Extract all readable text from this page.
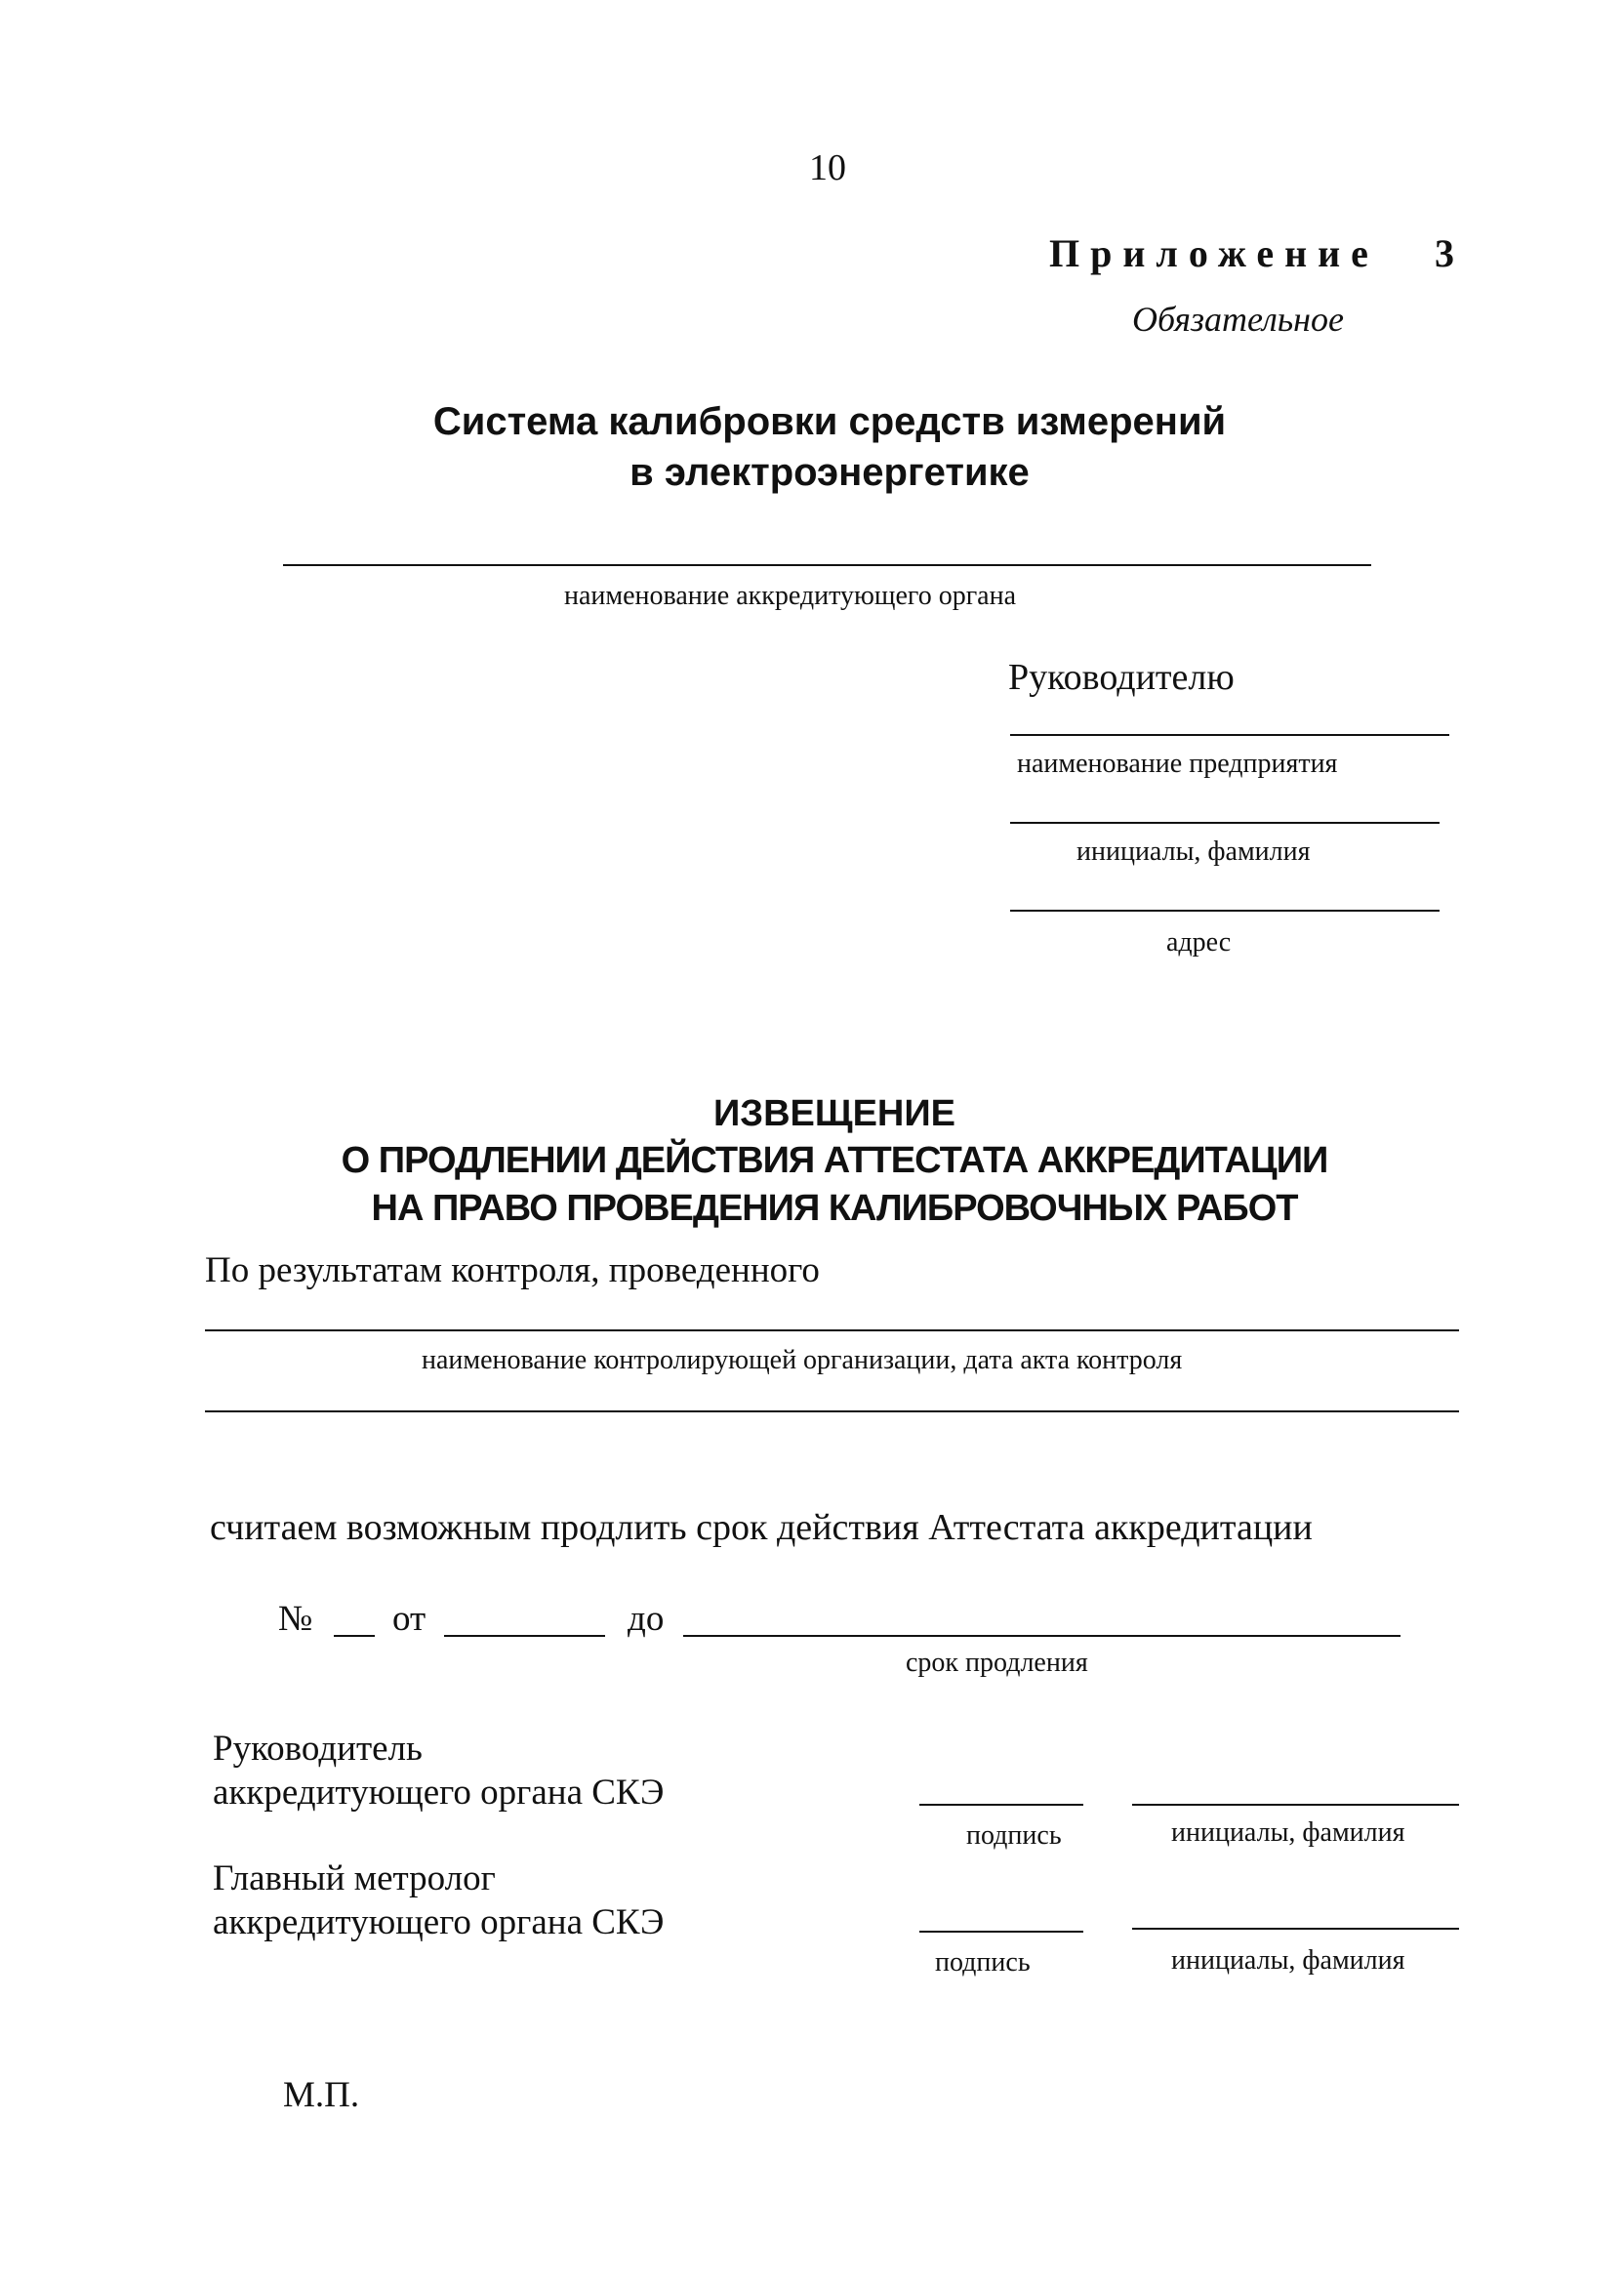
10
Приложение 3
Обязательное
Система калибровки средств измерений
в электроэнергетике
наименование аккредитующего органа
Руководителю
наименование предприятия
инициалы, фамилия
адрес
ИЗВЕЩЕНИЕ
О ПРОДЛЕНИИ ДЕЙСТВИЯ АТТЕСТАТА АККРЕДИТАЦИИ
НА ПРАВО ПРОВЕДЕНИЯ КАЛИБРОВОЧНЫХ РАБОТ
По результатам контроля, проведенного
наименование контролирующей организации, дата акта контроля
считаем возможным продлить срок действия Аттестата аккредитации
№ от	до
срок продления
Руководитель
аккредитующего органа СКЭ
подпись	инициалы, фамилия
Главный метролог
аккредитующего органа СКЭ
подпись	инициалы, фамилия
М.П.
